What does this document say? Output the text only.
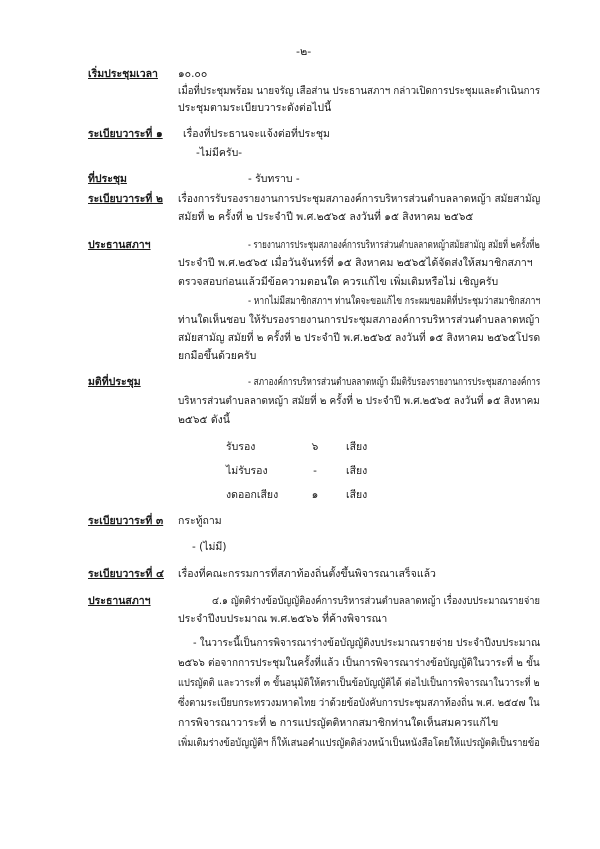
-๒-
เริ่มประชุมเวลา ๑๐.๐๐
เมื่อที่ประชุมพร้อม นายจรัญ เสือส่าน ประธานสภาฯ กล่าวเปิดการประชุมและดำเนินการ
ประชุมตามระเบียบวาระดังต่อไปนี้
ระเบียบวาระที่ ๑ เรื่องที่ประธานจะแจ้งต่อที่ประชุม
-ไม่มีครับ-
ที่ประชุม	- รับทราบ -
ระเบียบวาระที่ ๒ เรื่องการรับรองรายงานการประชุมสภาองค์การบริหารส่วนตำบลลาดหญ้า สมัยสามัญ
สมัยที่ ๒ ครั้งที่ ๒ ประจำปี พ.ศ.๒๕๖๕ ลงวันที่ ๑๕ สิงหาคม ๒๕๖๕
ประธานสภาฯ	- รายงานการประชุมสภาองค์การบริหารส่วนตำบลลาดหญ้าสมัยสามัญ สมัยที่ ๒ครั้งที่๒
ประจำปี พ.ศ.๒๕๖๕ เมื่อวันจันทร์ที่ ๑๕ สิงหาคม ๒๕๖๕ได้จัดส่งให้สมาชิกสภาฯ
ตรวจสอบก่อนแล้วมีข้อความตอนใด ควรแก้ไข เพิ่มเติมหรือไม่ เชิญครับ
- หากไม่มีสมาชิกสภาฯ ท่านใดจะขอแก้ไข กระผมขอมติที่ประชุมว่าสมาชิกสภาฯ
ท่านใดเห็นชอบ ให้รับรองรายงานการประชุมสภาองค์การบริหารส่วนตำบลลาดหญ้า
สมัยสามัญ สมัยที่ ๒ ครั้งที่ ๒ ประจำปี พ.ศ.๒๕๖๕ ลงวันที่ ๑๕ สิงหาคม ๒๕๖๕โปรด
ยกมือขึ้นด้วยครับ
มติที่ประชุม	- สภาองค์การบริหารส่วนตำบลลาดหญ้า มีมติรับรองรายงานการประชุมสภาองค์การ
บริหารส่วนตำบลลาดหญ้า สมัยที่ ๒ ครั้งที่ ๒ ประจำปี พ.ศ.๒๕๖๕ ลงวันที่ ๑๕ สิงหาคม
๒๕๖๕ ดังนี้
รับรอง	๖	เสียง
ไม่รับรอง	-	เสียง
งดออกเสียง	๑	เสียง
ระเบียบวาระที่ ๓ กระทู้ถาม
- (ไม่มี)
ระเบียบวาระที่ ๔ เรื่องที่คณะกรรมการที่สภาท้องถิ่นตั้งขึ้นพิจารณาเสร็จแล้ว
ประธานสภาฯ	๔.๑ ญัตติร่างข้อบัญญัติองค์การบริหารส่วนตำบลลาดหญ้า เรื่องงบประมาณรายจ่าย
ประจำปีงบประมาณ พ.ศ.๒๕๖๖ ที่ค้างพิจารณา
- ในวาระนี้เป็นการพิจารณาร่างข้อบัญญัติงบประมาณรายจ่าย ประจำปีงบประมาณ
๒๕๖๖ ต่อจากการประชุมในครั้งที่แล้ว เป็นการพิจารณาร่างข้อบัญญัติในวาระที่ ๒ ขั้น
แปรญัตติ และวาระที่ ๓ ขั้นอนุมัติให้ตราเป็นข้อบัญญัติได้ ต่อไปเป็นการพิจารณาในวาระที่ ๒
ซึ่งตามระเบียบกระทรวงมหาดไทย ว่าด้วยข้อบังคับการประชุมสภาท้องถิ่น พ.ศ. ๒๕๔๗ ใน
การพิจารณาวาระที่ ๒ การแปรญัตติหากสมาชิกท่านใดเห็นสมควรแก้ไข
เพิ่มเติมร่างข้อบัญญัติฯ ก็ให้เสนอคำแปรญัตติล่วงหน้าเป็นหนังสือโดยให้แปรญัตติเป็นรายข้อ
